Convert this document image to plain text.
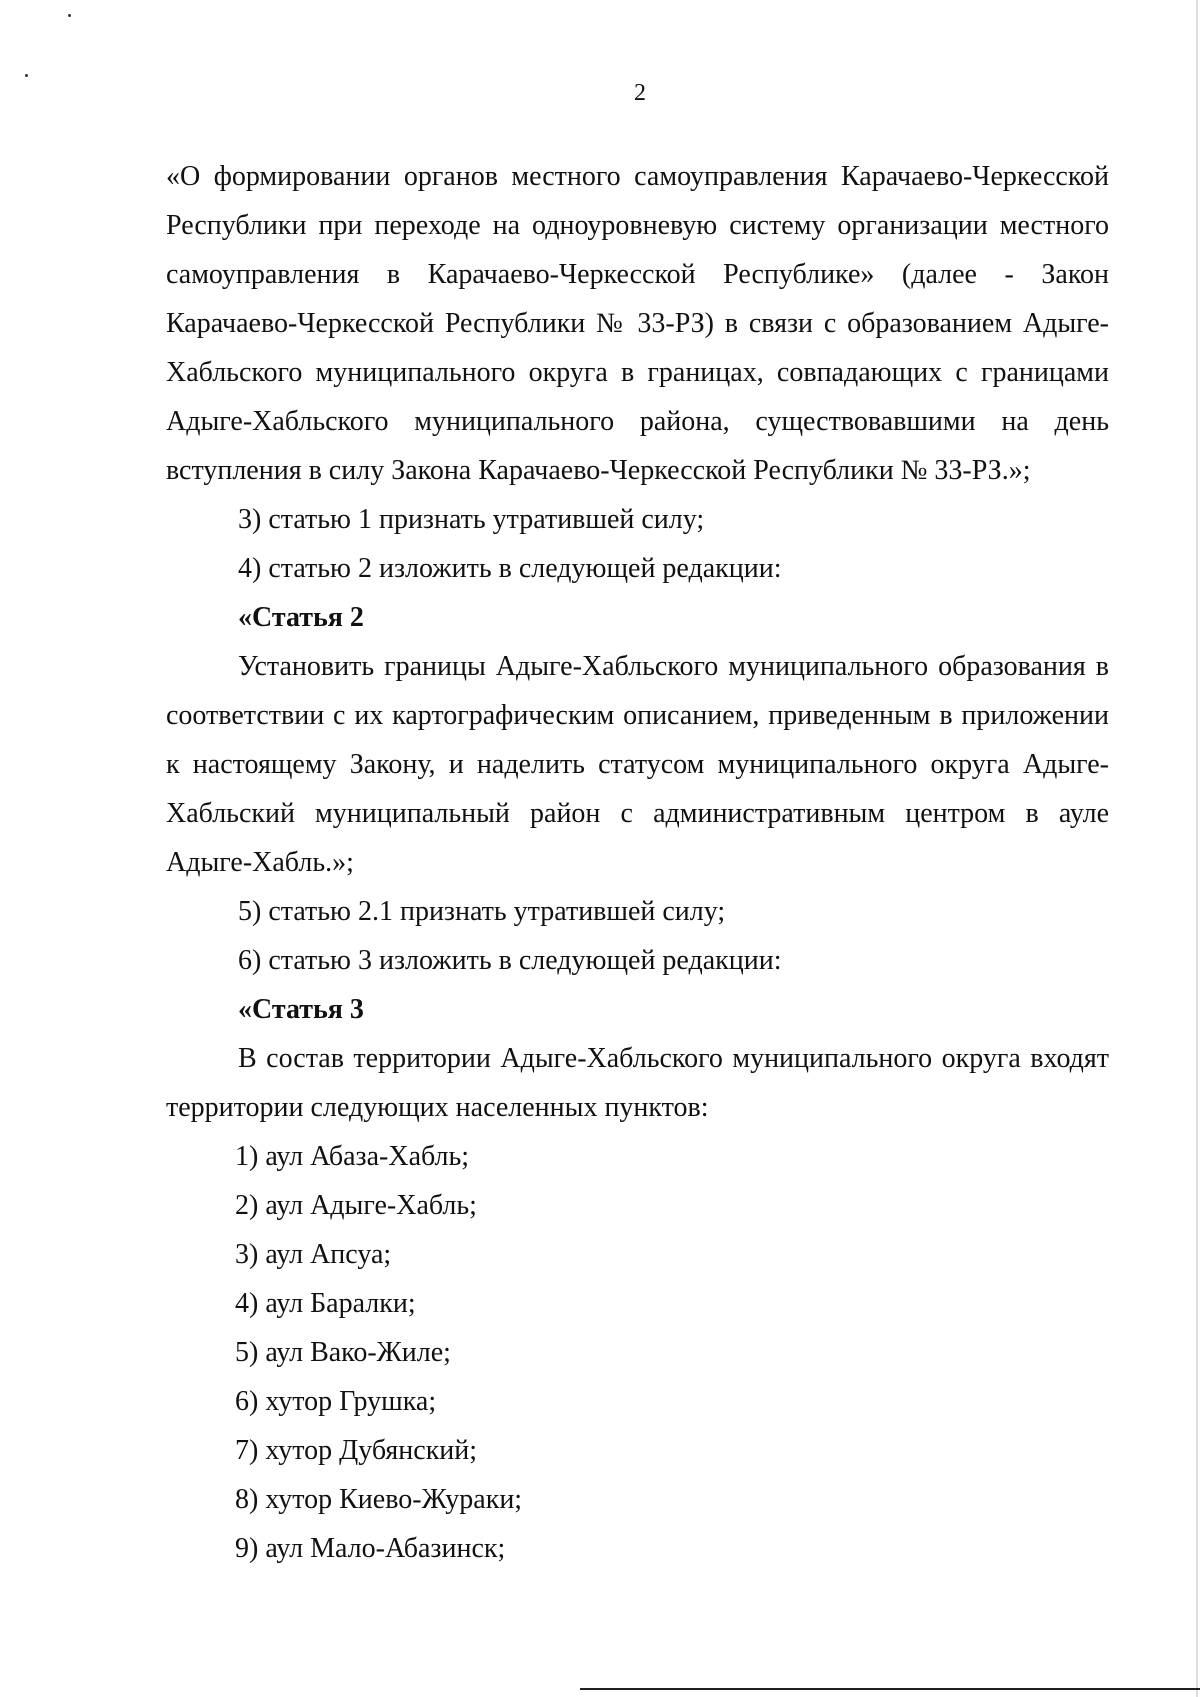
2

«О формировании органов местного самоуправления Карачаево-Черкесской Республики при переходе на одноуровневую систему организации местного самоуправления в Карачаево-Черкесской Республике» (далее - Закон Карачаево-Черкесской Республики № 33-РЗ) в связи с образованием Адыге-Хабльского муниципального округа в границах, совпадающих с границами Адыге-Хабльского муниципального района, существовавшими на день вступления в силу Закона Карачаево-Черкесской Республики № 33-РЗ.»;

3) статью 1 признать утратившей силу;

4) статью 2 изложить в следующей редакции:

«Статья 2

Установить границы Адыге-Хабльского муниципального образования в соответствии с их картографическим описанием, приведенным в приложении к настоящему Закону, и наделить статусом муниципального округа Адыге-Хабльский муниципальный район с административным центром в ауле Адыге-Хабль.»;

5) статью 2.1 признать утратившей силу;

6) статью 3 изложить в следующей редакции:

«Статья 3

В состав территории Адыге-Хабльского муниципального округа входят территории следующих населенных пунктов:

1) аул Абаза-Хабль;

2) аул Адыге-Хабль;

3) аул Апсуа;

4) аул Баралки;

5) аул Вако-Жиле;

6) хутор Грушка;

7) хутор Дубянский;

8) хутор Киево-Жураки;

9) аул Мало-Абазинск;
